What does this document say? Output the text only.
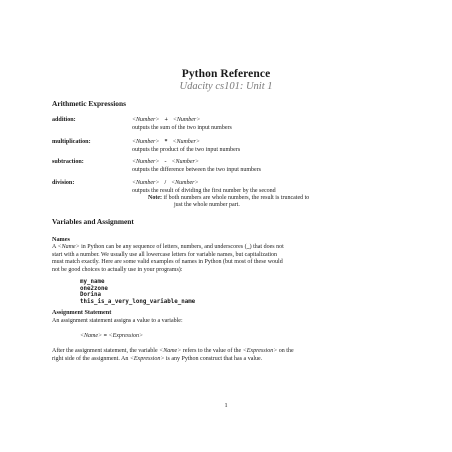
Python Reference
Udacity cs101: Unit 1
Arithmetic Expressions
addition:	<Number> + <Number>
outputs the sum of the two input numbers
multiplication:	<Number> * <Number>
outputs the product of the two input numbers
subtraction:	<Number> - <Number>
outputs the difference between the two input numbers
division:	<Number> / <Number>
outputs the result of dividing the first number by the second
Note: if both numbers are whole numbers, the result is truncated to
just the whole number part.
Variables and Assignment
Names
A <Name> in Python can be any sequence of letters, numbers, and underscores (_) that does not
start with a number. We usually use all lowercase letters for variable names, but capitalization
must match exactly. Here are some valid examples of names in Python (but most of these would
not be good choices to actually use in your programs):
my_name
one2zone
Dorina
this_is_a_very_long_variable_name
Assignment Statement
An assignment statement assigns a value to a variable:
<Name> = <Expression>
After the assignment statement, the variable <Name> refers to the value of the <Expression> on the
right side of the assignment. An <Expression> is any Python construct that has a value.
1
